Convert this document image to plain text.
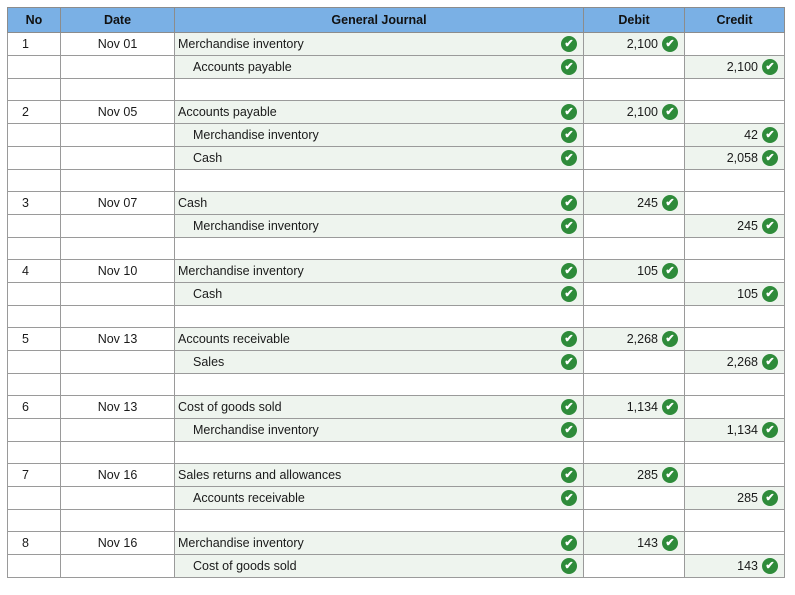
No	Date	General Journal	Debit	Credit
1	Nov 01	Merchandise inventory ✔	2,100 ✔	
		Accounts payable ✔		2,100 ✔

2	Nov 05	Accounts payable ✔	2,100 ✔	
		Merchandise inventory ✔		42 ✔
		Cash ✔		2,058 ✔

3	Nov 07	Cash ✔	245 ✔	
		Merchandise inventory ✔		245 ✔

4	Nov 10	Merchandise inventory ✔	105 ✔	
		Cash ✔		105 ✔

5	Nov 13	Accounts receivable ✔	2,268 ✔	
		Sales ✔		2,268 ✔

6	Nov 13	Cost of goods sold ✔	1,134 ✔	
		Merchandise inventory ✔		1,134 ✔

7	Nov 16	Sales returns and allowances ✔	285 ✔	
		Accounts receivable ✔		285 ✔

8	Nov 16	Merchandise inventory ✔	143 ✔	
		Cost of goods sold ✔		143 ✔
